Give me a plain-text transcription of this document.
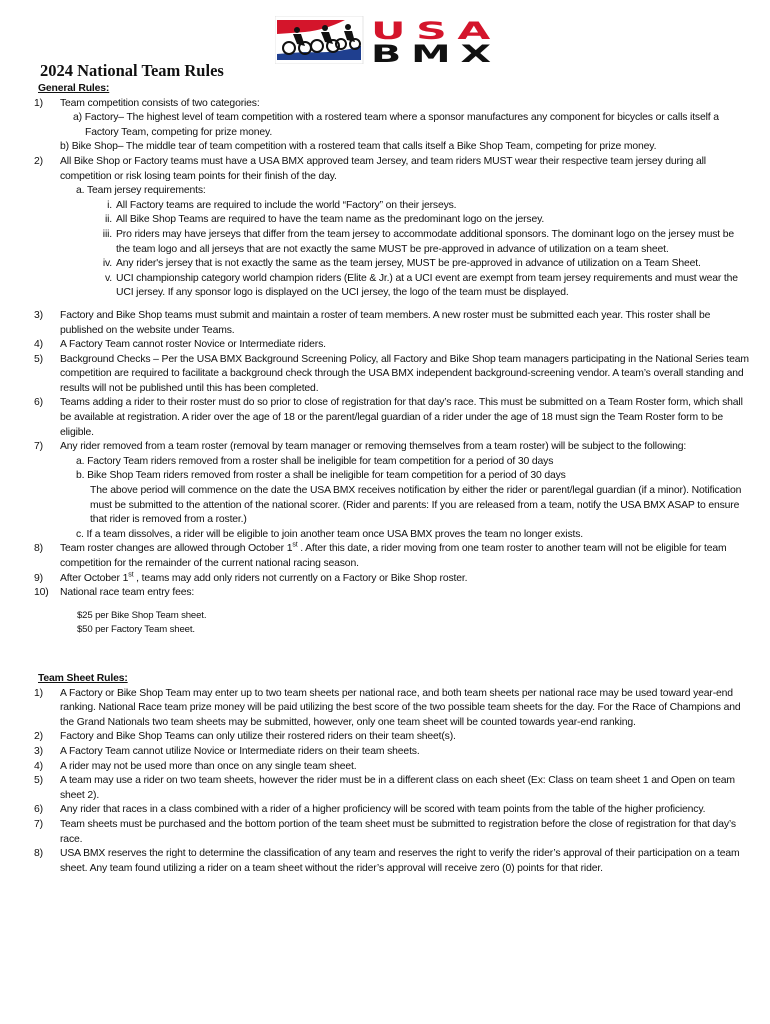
USA
BMX
2024 National Team Rules
General Rules:
1) Team competition consists of two categories:
a) Factory– The highest level of team competition with a rostered team where a sponsor manufactures any component for bicycles or calls itself a Factory Team, competing for prize money.
b) Bike Shop– The middle tear of team competition with a rostered team that calls itself a Bike Shop Team, competing for prize money.
2) All Bike Shop or Factory teams must have a USA BMX approved team Jersey, and team riders MUST wear their respective team jersey during all competition or risk losing team points for their finish of the day.
a. Team jersey requirements:
i. All Factory teams are required to include the world “Factory” on their jerseys.
ii. All Bike Shop Teams are required to have the team name as the predominant logo on the jersey.
iii. Pro riders may have jerseys that differ from the team jersey to accommodate additional sponsors. The dominant logo on the jersey must be the team logo and all jerseys that are not exactly the same MUST be pre-approved in advance of utilization on a team sheet.
iv. Any rider's jersey that is not exactly the same as the team jersey, MUST be pre-approved in advance of utilization on a Team Sheet.
v. UCI championship category world champion riders (Elite & Jr.) at a UCI event are exempt from team jersey requirements and must wear the UCI jersey. If any sponsor logo is displayed on the UCI jersey, the logo of the team must be displayed.
3) Factory and Bike Shop teams must submit and maintain a roster of team members. A new roster must be submitted each year. This roster shall be published on the website under Teams.
4) A Factory Team cannot roster Novice or Intermediate riders.
5) Background Checks – Per the USA BMX Background Screening Policy, all Factory and Bike Shop team managers participating in the National Series team competition are required to facilitate a background check through the USA BMX independent background-screening vendor. A team’s overall standing and results will not be published until this has been completed.
6) Teams adding a rider to their roster must do so prior to close of registration for that day’s race. This must be submitted on a Team Roster form, which shall be available at registration. A rider over the age of 18 or the parent/legal guardian of a rider under the age of 18 must sign the Team Roster form to be eligible.
7) Any rider removed from a team roster (removal by team manager or removing themselves from a team roster) will be subject to the following:
a. Factory Team riders removed from a roster shall be ineligible for team competition for a period of 30 days
b. Bike Shop Team riders removed from roster a shall be ineligible for team competition for a period of 30 days
The above period will commence on the date the USA BMX receives notification by either the rider or parent/legal guardian (if a minor). Notification must be submitted to the attention of the national scorer. (Rider and parents: If you are released from a team, notify the USA BMX ASAP to ensure that rider is removed from a roster.)
c. If a team dissolves, a rider will be eligible to join another team once USA BMX proves the team no longer exists.
8) Team roster changes are allowed through October 1st . After this date, a rider moving from one team roster to another team will not be eligible for team competition for the remainder of the current national racing season.
9) After October 1st , teams may add only riders not currently on a Factory or Bike Shop roster.
10) National race team entry fees:
$25 per Bike Shop Team sheet.
$50 per Factory Team sheet.
Team Sheet Rules:
1) A Factory or Bike Shop Team may enter up to two team sheets per national race, and both team sheets per national race may be used toward year-end ranking. National Race team prize money will be paid utilizing the best score of the two possible team sheets for the day. For the Race of Champions and the Grand Nationals two team sheets may be submitted, however, only one team sheet will be counted towards year-end ranking.
2) Factory and Bike Shop Teams can only utilize their rostered riders on their team sheet(s).
3) A Factory Team cannot utilize Novice or Intermediate riders on their team sheets.
4) A rider may not be used more than once on any single team sheet.
5) A team may use a rider on two team sheets, however the rider must be in a different class on each sheet (Ex: Class on team sheet 1 and Open on team sheet 2).
6) Any rider that races in a class combined with a rider of a higher proficiency will be scored with team points from the table of the higher proficiency.
7) Team sheets must be purchased and the bottom portion of the team sheet must be submitted to registration before the close of registration for that day’s race.
8) USA BMX reserves the right to determine the classification of any team and reserves the right to verify the rider’s approval of their participation on a team sheet. Any team found utilizing a rider on a team sheet without the rider’s approval will receive zero (0) points for that rider.
